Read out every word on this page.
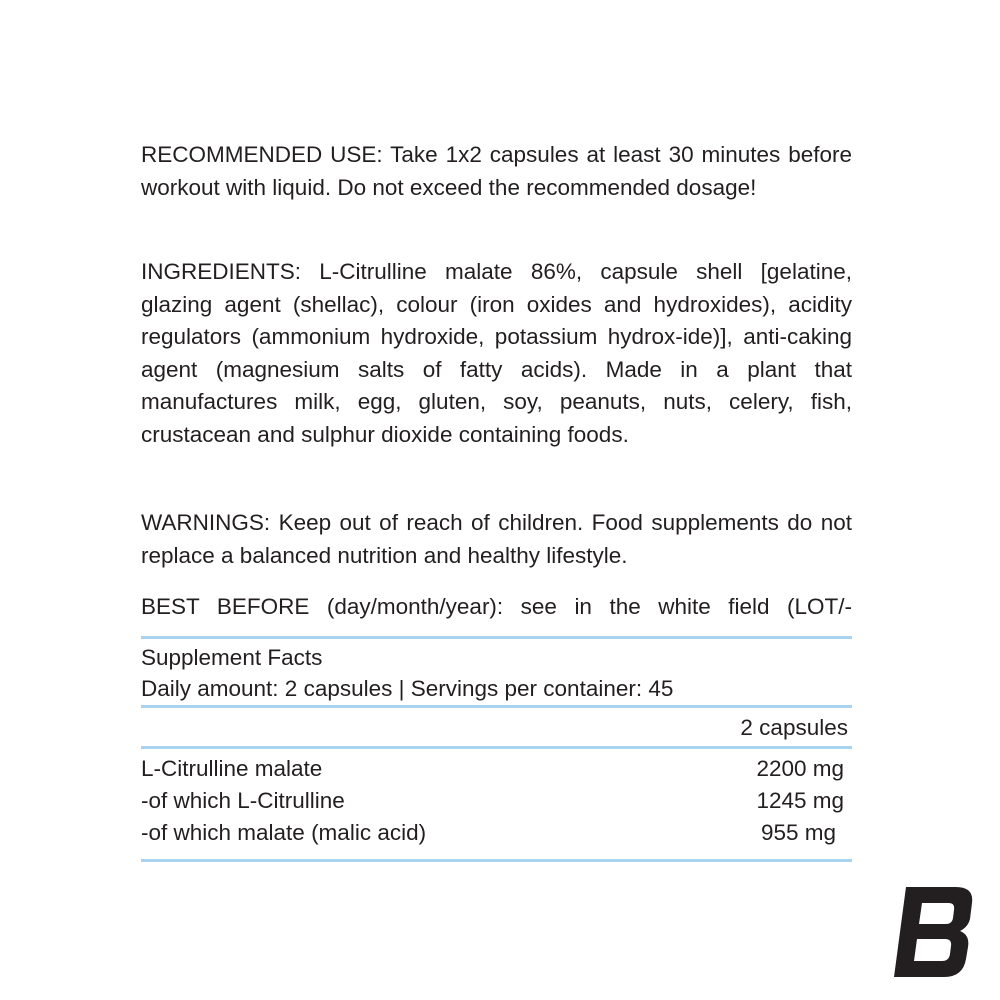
RECOMMENDED USE: Take 1x2 capsules at least 30 minutes before workout with liquid. Do not exceed the recommended dosage!

INGREDIENTS: L-Citrulline malate 86%, capsule shell [gelatine, glazing agent (shellac), colour (iron oxides and hydroxides), acidity regulators (ammonium hydroxide, potassium hydrox-ide)], anti-caking agent (magnesium salts of fatty acids). Made in a plant that manufactures milk, egg, gluten, soy, peanuts, nuts, celery, fish, crustacean and sulphur dioxide containing foods.

WARNINGS: Keep out of reach of children. Food supplements do not replace a balanced nutrition and healthy lifestyle.

BEST BEFORE (day/month/year): see in the white field (LOT/-

Supplement Facts
Daily amount: 2 capsules | Servings per container: 45
2 capsules
L-Citrulline malate	2200 mg
-of which L-Citrulline	1245 mg
-of which malate (malic acid)	955 mg
